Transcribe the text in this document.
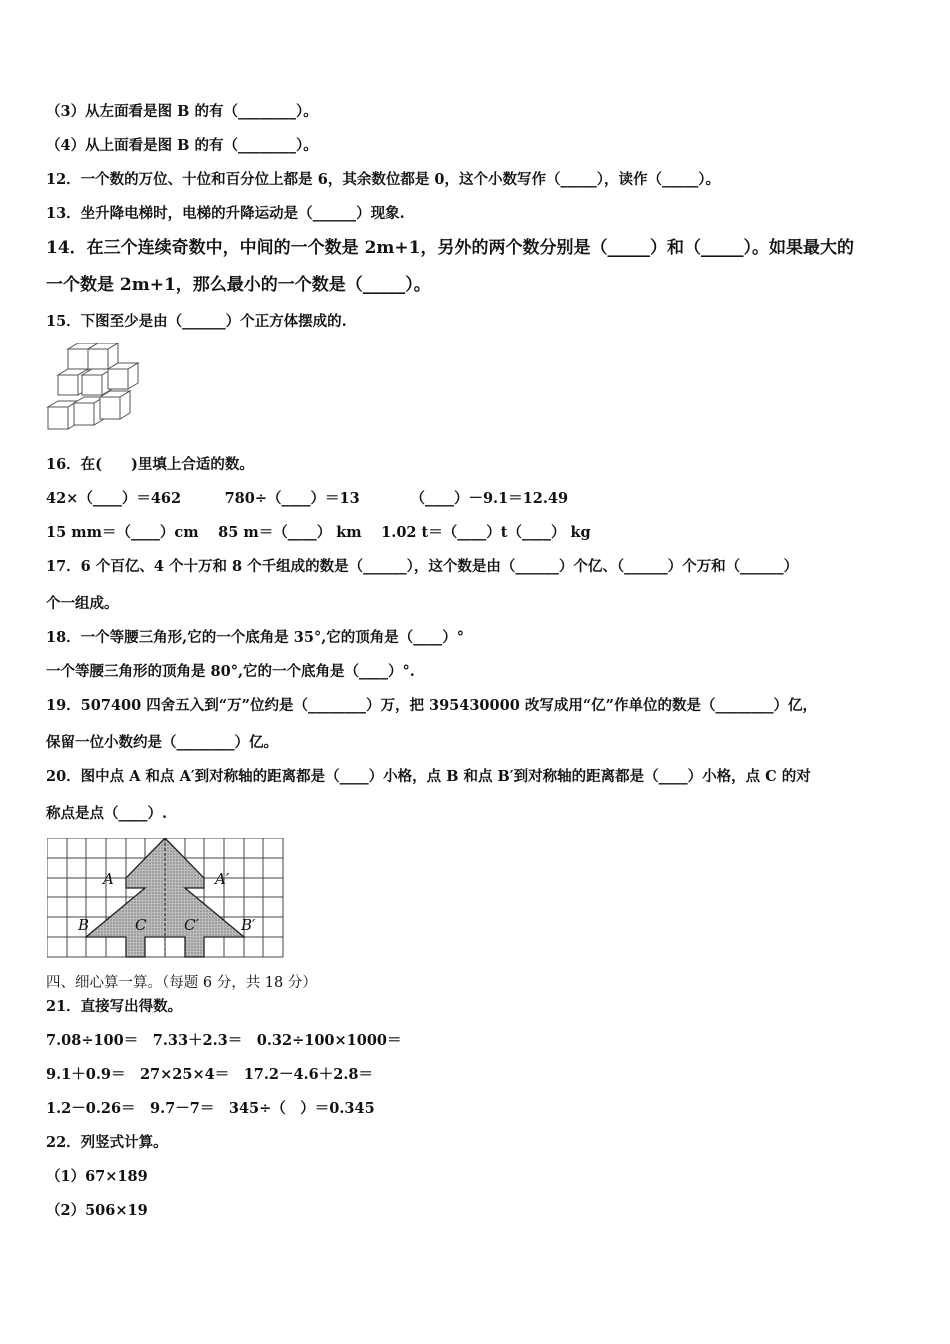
（3）从左面看是图 B 的有（________）。
（4）从上面看是图 B 的有（________）。
12．一个数的万位、十位和百分位上都是 6，其余数位都是 0，这个小数写作（_____），读作（_____）。
13．坐升降电梯时，电梯的升降运动是（______）现象.
14．在三个连续奇数中，中间的一个数是 2m+1，另外的两个数分别是（_____）和（_____）。如果最大的
一个数是 2m+1，那么最小的一个数是（_____）。
15．下图至少是由（______）个正方体摆成的.
16．在(　　)里填上合适的数。
42×（____）＝462　　　780÷（____）＝13　　　　（____）－9.1＝12.49
15 mm＝（____）cm　 85 m＝（____） km　 1.02 t＝（____）t（____） kg
17．6 个百亿、4 个十万和 8 个千组成的数是（______），这个数是由（______）个亿、（______）个万和（______）
个一组成。
18．一个等腰三角形,它的一个底角是 35°,它的顶角是（____）°
一个等腰三角形的顶角是 80°,它的一个底角是（____）°.
19．507400 四舍五入到“万”位约是（________）万，把 395430000 改写成用“亿”作单位的数是（________）亿，
保留一位小数约是（________）亿。
20．图中点 A 和点 A′到对称轴的距离都是（____）小格，点 B 和点 B′到对称轴的距离都是（____）小格，点 C 的对
称点是点（____）.
A	A′
B	B′
C	C′
四、细心算一算。（每题 6 分，共 18 分）
21．直接写出得数。
7.08÷100＝　7.33＋2.3＝　0.32÷100×1000＝
9.1＋0.9＝　27×25×4＝　17.2－4.6＋2.8＝
1.2－0.26＝　9.7－7＝　345÷（　）＝0.345
22．列竖式计算。
（1）67×189
（2）506×19
